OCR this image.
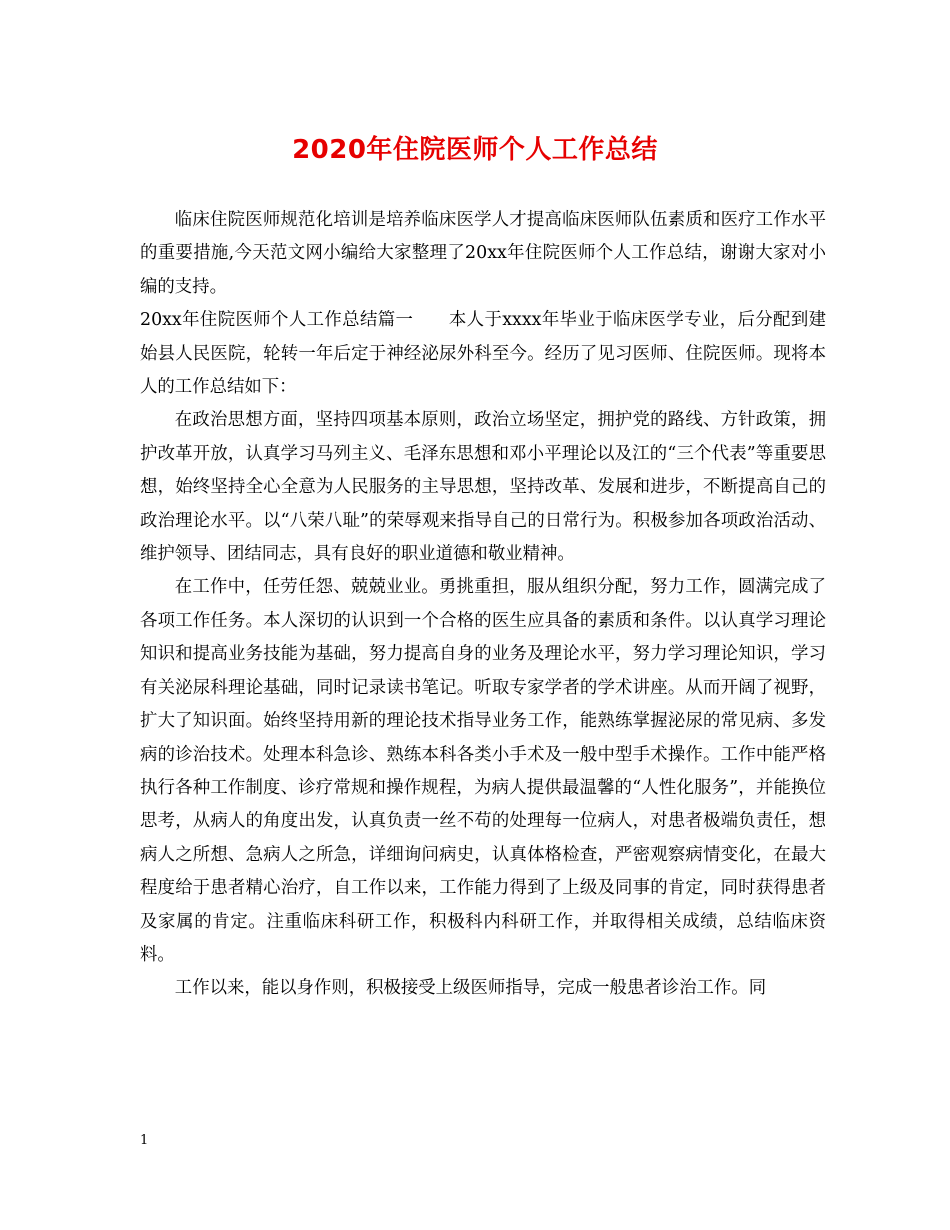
2020年住院医师个人工作总结

临床住院医师规范化培训是培养临床医学人才提高临床医师队伍素质和医疗工作水平的重要措施,今天范文网小编给大家整理了20xx年住院医师个人工作总结，谢谢大家对小编的支持。

20xx年住院医师个人工作总结篇一　　本人于xxxx年毕业于临床医学专业，后分配到建始县人民医院，轮转一年后定于神经泌尿外科至今。经历了见习医师、住院医师。现将本人的工作总结如下：

在政治思想方面，坚持四项基本原则，政治立场坚定，拥护党的路线、方针政策，拥护改革开放，认真学习马列主义、毛泽东思想和邓小平理论以及江的“三个代表”等重要思想，始终坚持全心全意为人民服务的主导思想，坚持改革、发展和进步，不断提高自己的政治理论水平。以“八荣八耻”的荣辱观来指导自己的日常行为。积极参加各项政治活动、维护领导、团结同志，具有良好的职业道德和敬业精神。

在工作中，任劳任怨、兢兢业业。勇挑重担，服从组织分配，努力工作，圆满完成了各项工作任务。本人深切的认识到一个合格的医生应具备的素质和条件。以认真学习理论知识和提高业务技能为基础，努力提高自身的业务及理论水平，努力学习理论知识，学习有关泌尿科理论基础，同时记录读书笔记。听取专家学者的学术讲座。从而开阔了视野，扩大了知识面。始终坚持用新的理论技术指导业务工作，能熟练掌握泌尿的常见病、多发病的诊治技术。处理本科急诊、熟练本科各类小手术及一般中型手术操作。工作中能严格执行各种工作制度、诊疗常规和操作规程，为病人提供最温馨的“人性化服务”，并能换位思考，从病人的角度出发，认真负责一丝不苟的处理每一位病人，对患者极端负责任，想病人之所想、急病人之所急，详细询问病史，认真体格检查，严密观察病情变化，在最大程度给于患者精心治疗，自工作以来，工作能力得到了上级及同事的肯定，同时获得患者及家属的肯定。注重临床科研工作，积极科内科研工作，并取得相关成绩，总结临床资料。

工作以来，能以身作则，积极接受上级医师指导，完成一般患者诊治工作。同

1
